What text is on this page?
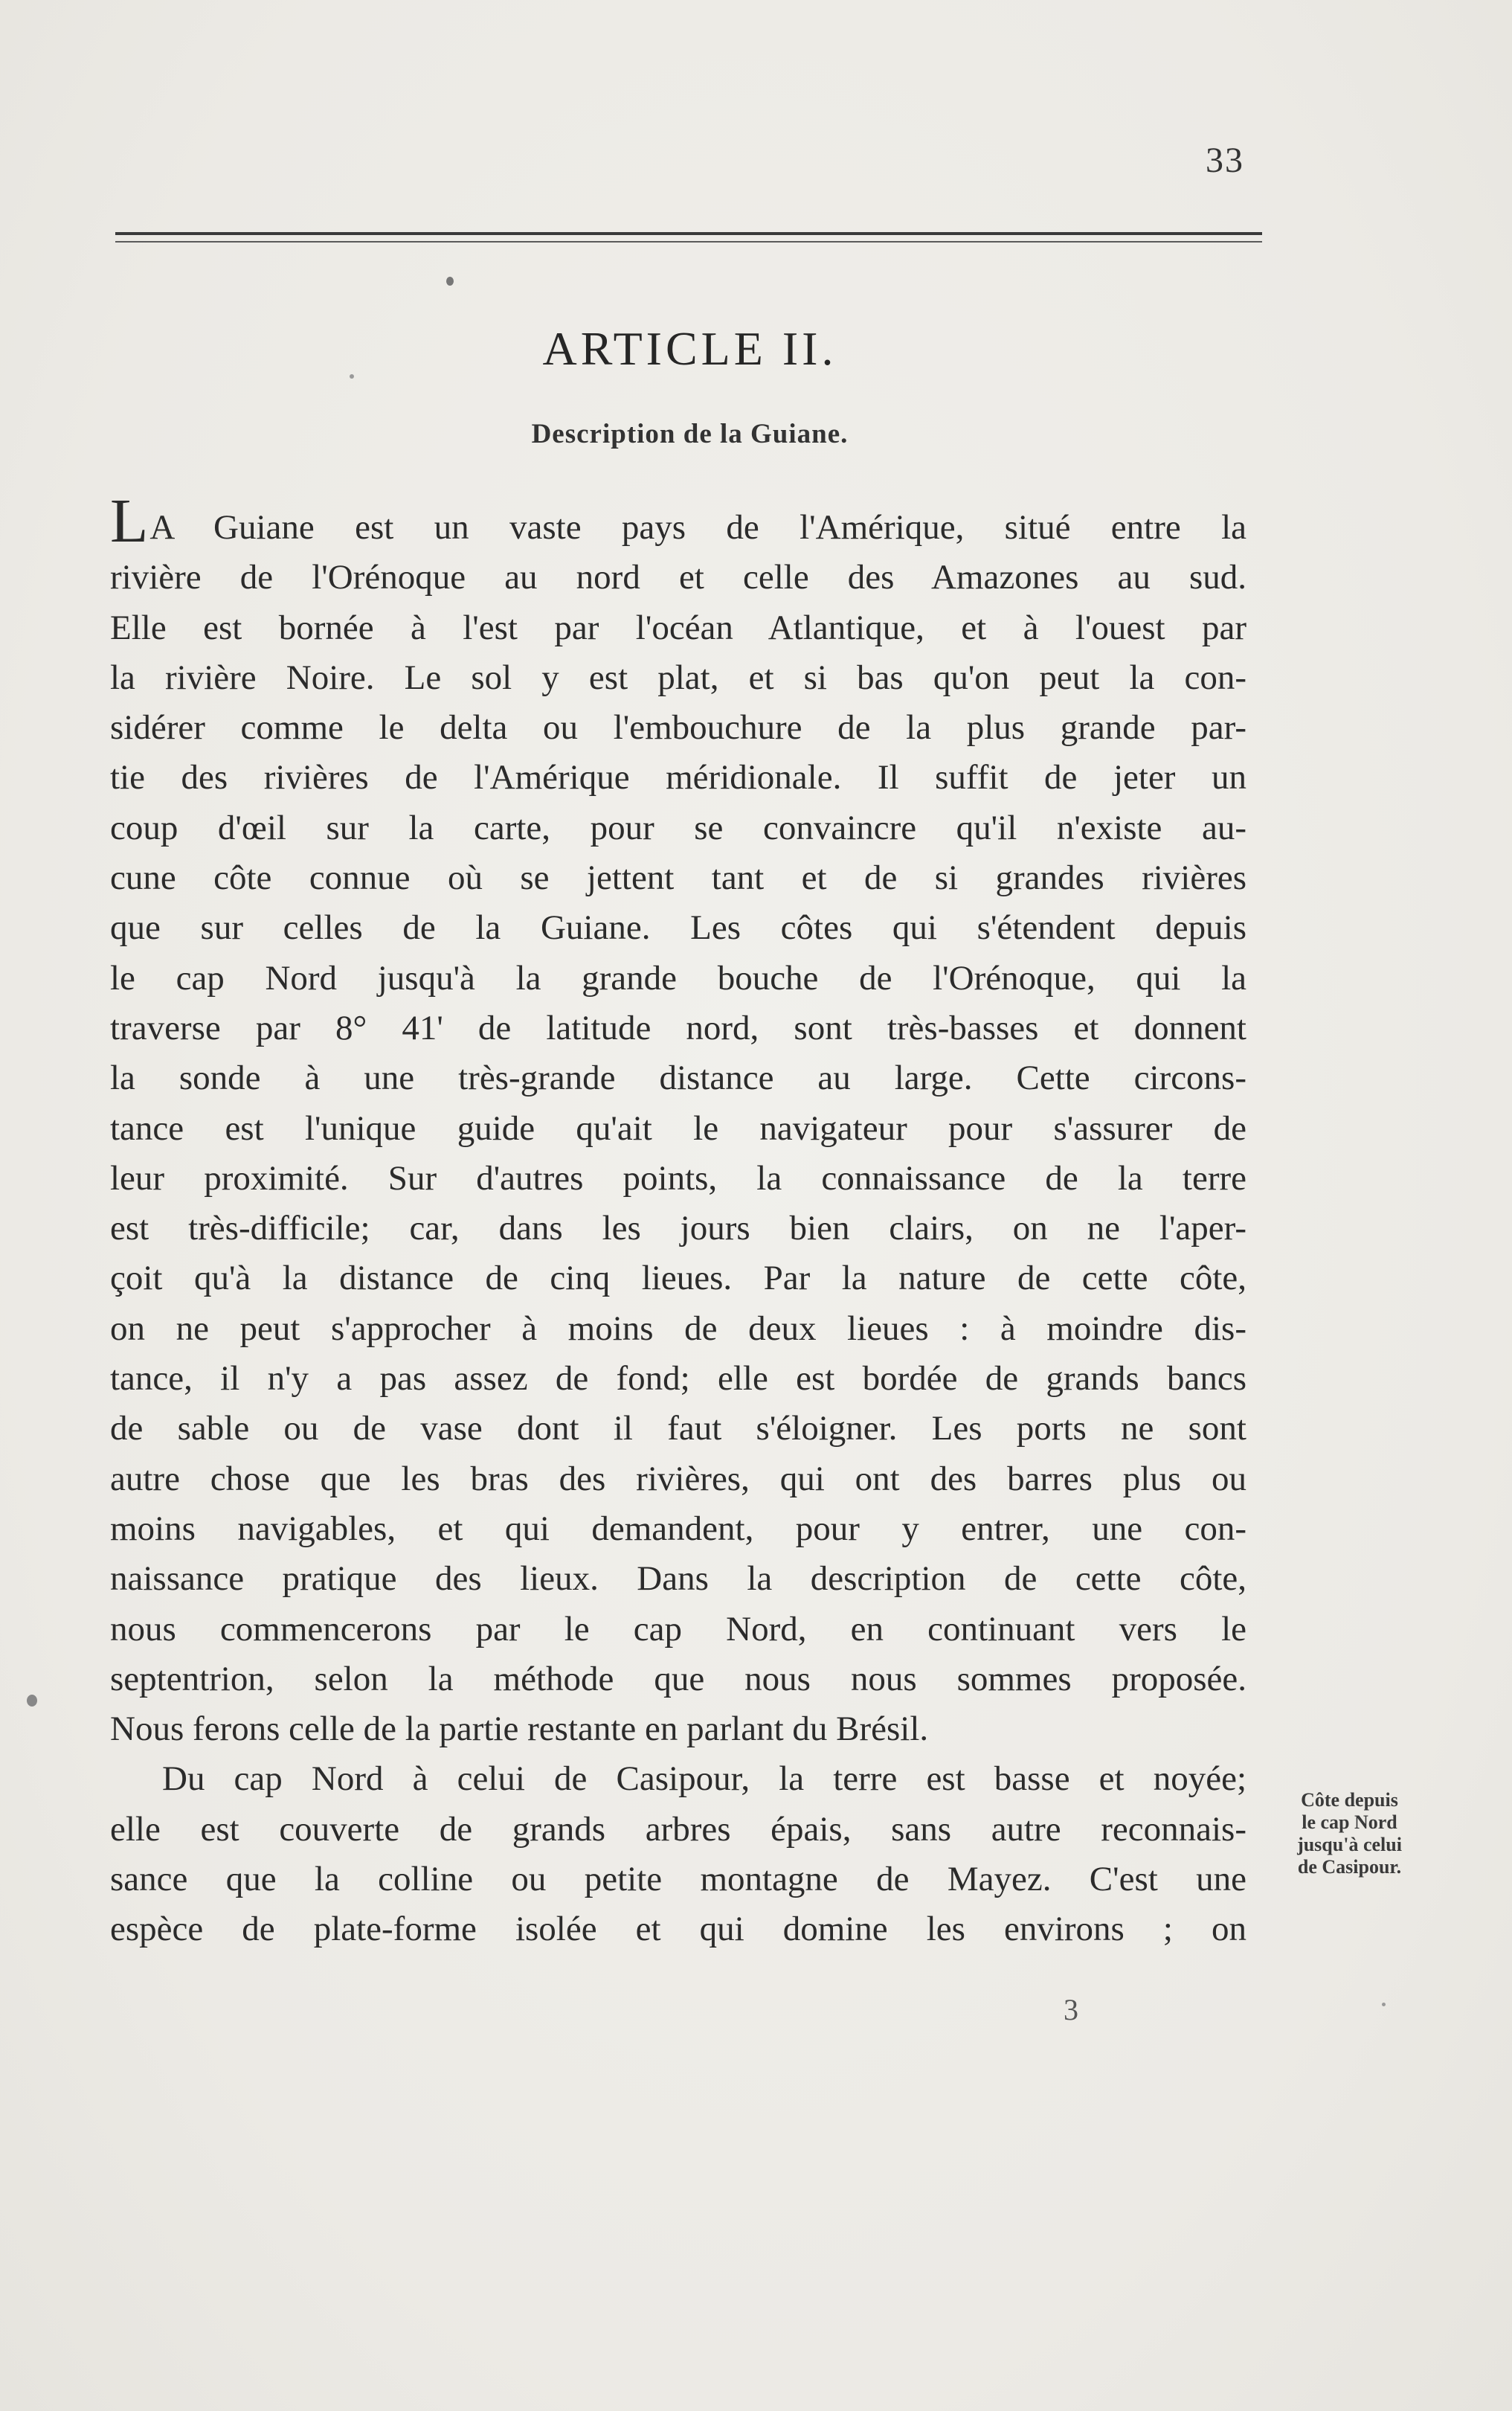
33
ARTICLE II.
Description de la Guiane.
LA Guiane est un vaste pays de l'Amérique, situé entre la
rivière de l'Orénoque au nord et celle des Amazones au sud.
Elle est bornée à l'est par l'océan Atlantique, et à l'ouest par
la rivière Noire. Le sol y est plat, et si bas qu'on peut la con-
sidérer comme le delta ou l'embouchure de la plus grande par-
tie des rivières de l'Amérique méridionale. Il suffit de jeter un
coup d'œil sur la carte, pour se convaincre qu'il n'existe au-
cune côte connue où se jettent tant et de si grandes rivières
que sur celles de la Guiane. Les côtes qui s'étendent depuis
le cap Nord jusqu'à la grande bouche de l'Orénoque, qui la
traverse par 8° 41' de latitude nord, sont très-basses et donnent
la sonde à une très-grande distance au large. Cette circons-
tance est l'unique guide qu'ait le navigateur pour s'assurer de
leur proximité. Sur d'autres points, la connaissance de la terre
est très-difficile; car, dans les jours bien clairs, on ne l'aper-
çoit qu'à la distance de cinq lieues. Par la nature de cette côte,
on ne peut s'approcher à moins de deux lieues : à moindre dis-
tance, il n'y a pas assez de fond; elle est bordée de grands bancs
de sable ou de vase dont il faut s'éloigner. Les ports ne sont
autre chose que les bras des rivières, qui ont des barres plus ou
moins navigables, et qui demandent, pour y entrer, une con-
naissance pratique des lieux. Dans la description de cette côte,
nous commencerons par le cap Nord, en continuant vers le
septentrion, selon la méthode que nous nous sommes proposée.
Nous ferons celle de la partie restante en parlant du Brésil.
Du cap Nord à celui de Casipour, la terre est basse et noyée;
elle est couverte de grands arbres épais, sans autre reconnais-
sance que la colline ou petite montagne de Mayez. C'est une
espèce de plate-forme isolée et qui domine les environs ; on
Côte depuis
le cap Nord
jusqu'à celui
de Casipour.
3
